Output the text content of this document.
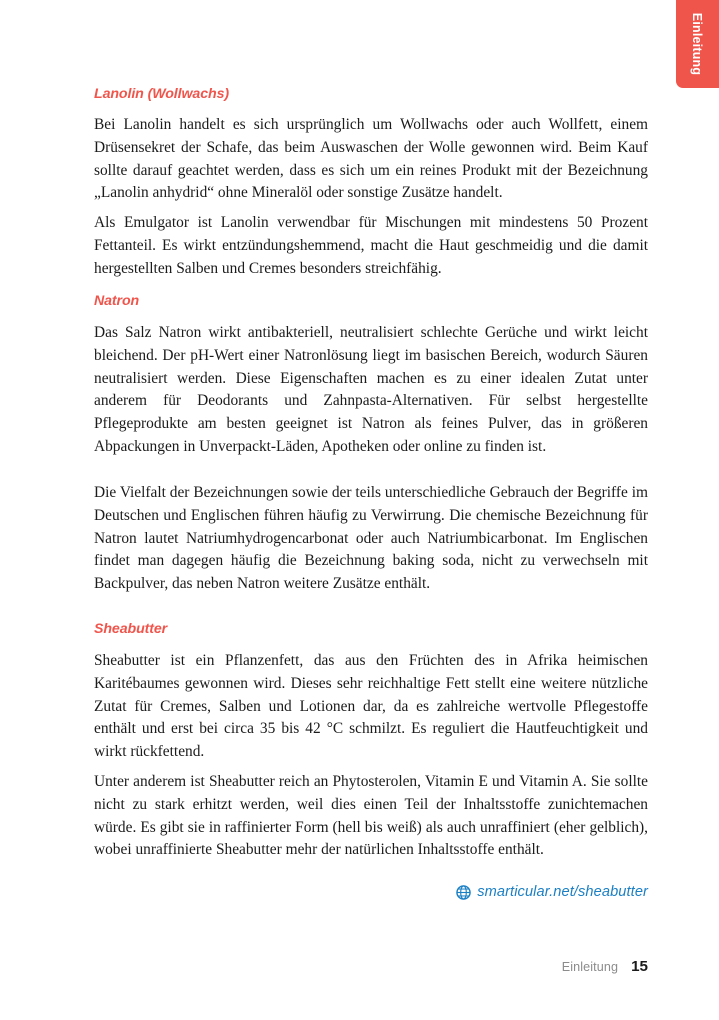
Einleitung
Lanolin (Wollwachs)

Bei Lanolin handelt es sich ursprünglich um Wollwachs oder auch Wollfett, einem Drüsensekret der Schafe, das beim Auswaschen der Wolle gewonnen wird. Beim Kauf sollte darauf geachtet werden, dass es sich um ein reines Produkt mit der Bezeichnung „Lanolin anhydrid“ ohne Mineralöl oder sonstige Zusätze handelt.

Als Emulgator ist Lanolin verwendbar für Mischungen mit mindestens 50 Prozent Fettanteil. Es wirkt entzündungshemmend, macht die Haut geschmeidig und die damit hergestellten Salben und Cremes besonders streichfähig.

Natron

Das Salz Natron wirkt antibakteriell, neutralisiert schlechte Gerüche und wirkt leicht bleichend. Der pH-Wert einer Natronlösung liegt im basischen Bereich, wodurch Säuren neutralisiert werden. Diese Eigenschaften machen es zu einer idealen Zutat unter anderem für Deodorants und Zahnpasta-Alternativen. Für selbst hergestellte Pflegeprodukte am besten geeignet ist Natron als feines Pulver, das in größeren Abpackungen in Unverpackt-Läden, Apotheken oder online zu finden ist.

Die Vielfalt der Bezeichnungen sowie der teils unterschiedliche Gebrauch der Begriffe im Deutschen und Englischen führen häufig zu Verwirrung. Die chemische Bezeichnung für Natron lautet Natriumhydrogencarbonat oder auch Natriumbicarbonat. Im Englischen findet man dagegen häufig die Bezeichnung baking soda, nicht zu verwechseln mit Backpulver, das neben Natron weitere Zusätze enthält.

Sheabutter

Sheabutter ist ein Pflanzenfett, das aus den Früchten des in Afrika heimischen Karitébaumes gewonnen wird. Dieses sehr reichhaltige Fett stellt eine weitere nützliche Zutat für Cremes, Salben und Lotionen dar, da es zahlreiche wertvolle Pflegestoffe enthält und erst bei circa 35 bis 42 °C schmilzt. Es reguliert die Hautfeuchtigkeit und wirkt rückfettend.

Unter anderem ist Sheabutter reich an Phytosterolen, Vitamin E und Vitamin A. Sie sollte nicht zu stark erhitzt werden, weil dies einen Teil der Inhaltsstoffe zunichtemachen würde. Es gibt sie in raffinierter Form (hell bis weiß) als auch unraffiniert (eher gelblich), wobei unraffinierte Sheabutter mehr der natürlichen Inhaltsstoffe enthält.

smarticular.net/sheabutter
Einleitung 15
